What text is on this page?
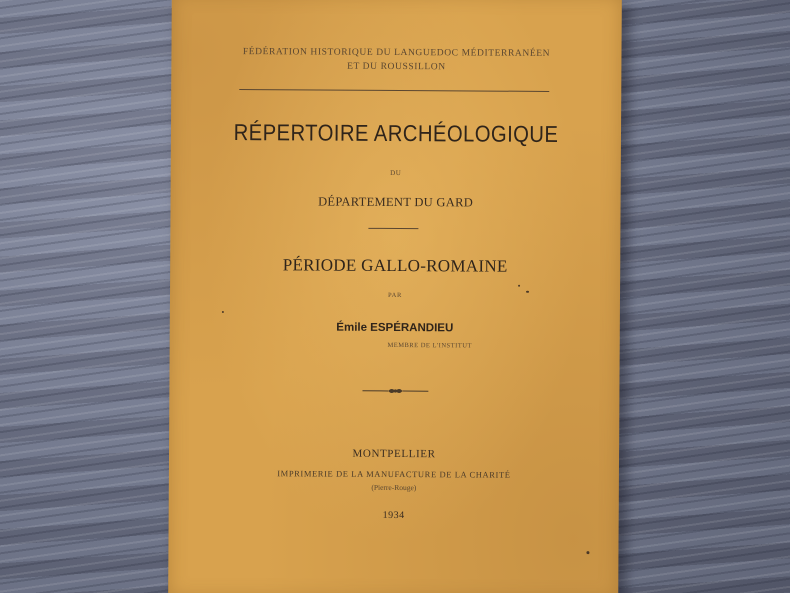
FÉDÉRATION HISTORIQUE DU LANGUEDOC MÉDITERRANÉEN
ET DU ROUSSILLON
RÉPERTOIRE ARCHÉOLOGIQUE
DU
DÉPARTEMENT DU GARD
PÉRIODE GALLO-ROMAINE
PAR
Émile ESPÉRANDIEU
MEMBRE DE L'INSTITUT
MONTPELLIER
IMPRIMERIE DE LA MANUFACTURE DE LA CHARITÉ
(Pierre-Rouge)
1934
